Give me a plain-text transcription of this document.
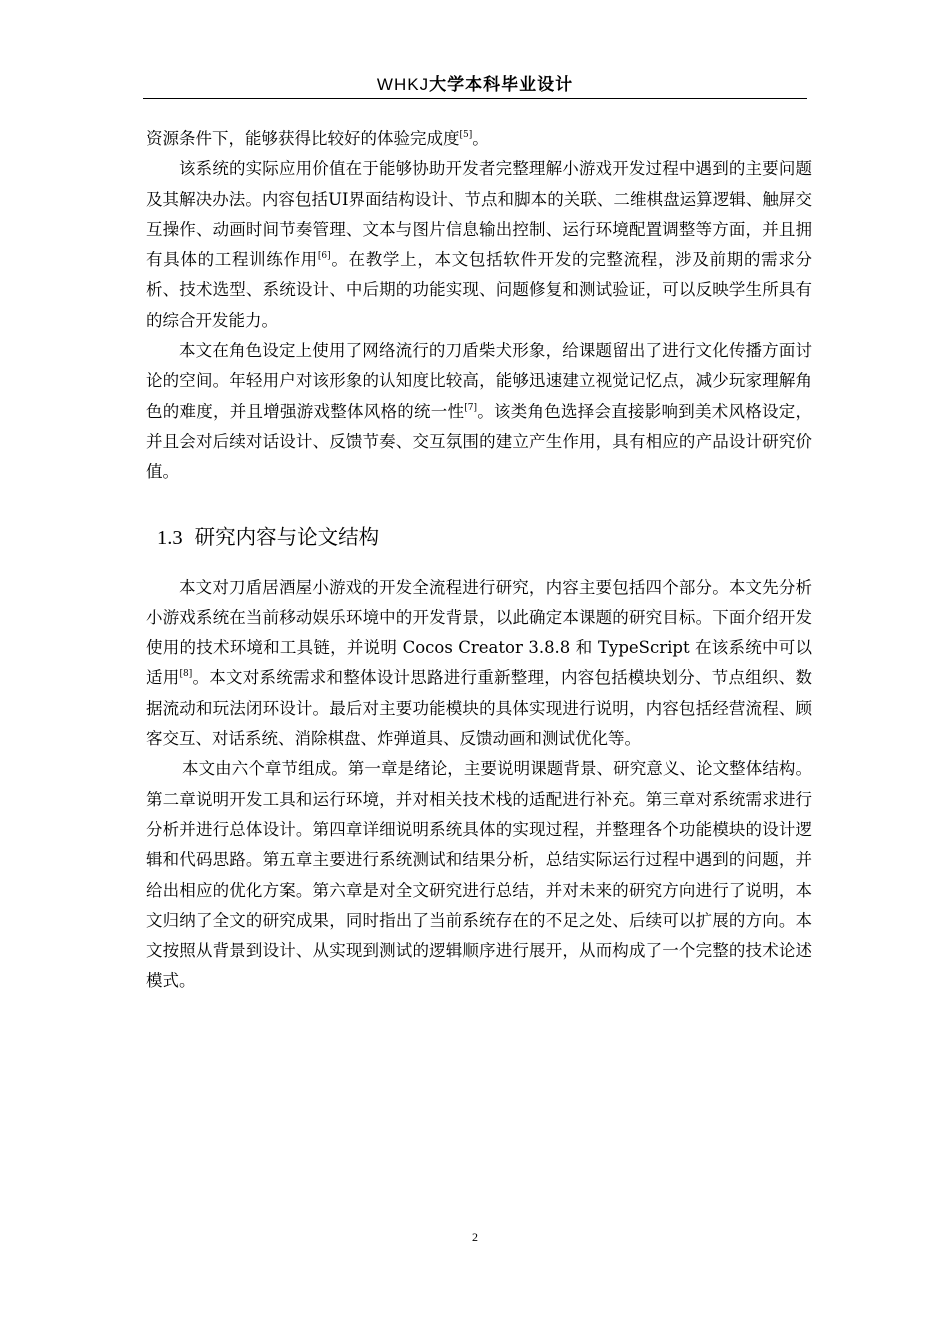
WHKJ大学本科毕业设计

资源条件下，能够获得比较好的体验完成度[5]。

该系统的实际应用价值在于能够协助开发者完整理解小游戏开发过程中遇到的主要问题及其解决办法。内容包括UI界面结构设计、节点和脚本的关联、二维棋盘运算逻辑、触屏交互操作、动画时间节奏管理、文本与图片信息输出控制、运行环境配置调整等方面，并且拥有具体的工程训练作用[6]。在教学上，本文包括软件开发的完整流程，涉及前期的需求分析、技术选型、系统设计、中后期的功能实现、问题修复和测试验证，可以反映学生所具有的综合开发能力。

本文在角色设定上使用了网络流行的刀盾柴犬形象，给课题留出了进行文化传播方面讨论的空间。年轻用户对该形象的认知度比较高，能够迅速建立视觉记忆点，减少玩家理解角色的难度，并且增强游戏整体风格的统一性[7]。该类角色选择会直接影响到美术风格设定，并且会对后续对话设计、反馈节奏、交互氛围的建立产生作用，具有相应的产品设计研究价值。

1.3 研究内容与论文结构

本文对刀盾居酒屋小游戏的开发全流程进行研究，内容主要包括四个部分。本文先分析小游戏系统在当前移动娱乐环境中的开发背景，以此确定本课题的研究目标。下面介绍开发使用的技术环境和工具链，并说明 Cocos Creator 3.8.8 和 TypeScript 在该系统中可以适用[8]。本文对系统需求和整体设计思路进行重新整理，内容包括模块划分、节点组织、数据流动和玩法闭环设计。最后对主要功能模块的具体实现进行说明，内容包括经营流程、顾客交互、对话系统、消除棋盘、炸弹道具、反馈动画和测试优化等。

本文由六个章节组成。第一章是绪论，主要说明课题背景、研究意义、论文整体结构。第二章说明开发工具和运行环境，并对相关技术栈的适配进行补充。第三章对系统需求进行分析并进行总体设计。第四章详细说明系统具体的实现过程，并整理各个功能模块的设计逻辑和代码思路。第五章主要进行系统测试和结果分析，总结实际运行过程中遇到的问题，并给出相应的优化方案。第六章是对全文研究进行总结，并对未来的研究方向进行了说明，本文归纳了全文的研究成果，同时指出了当前系统存在的不足之处、后续可以扩展的方向。本文按照从背景到设计、从实现到测试的逻辑顺序进行展开，从而构成了一个完整的技术论述模式。

2
